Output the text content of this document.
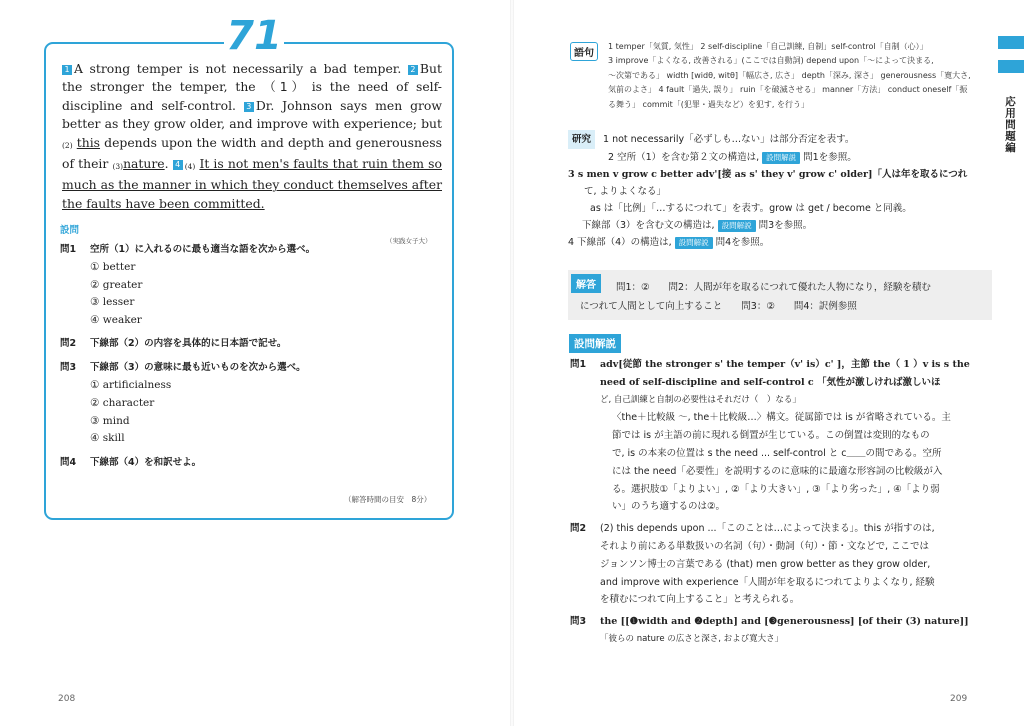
1 A strong temper is not necessarily a bad temper. 2 But the stronger the temper, the （ 1 ） is the need of self-discipline and self-control. 3 Dr. Johnson says men grow better as they grow older, and improve with experience; but (2) this depends upon the width and depth and generousness of their (3)nature. 4 (4) It is not men's faults that ruin them so much as the manner in which they conduct themselves after the faults have been committed.
（実践女子大）
設問
問1 空所（1）に入れるのに最も適当な語を次から選べ。
① better
② greater
③ lesser
④ weaker
問2 下線部（2）の内容を具体的に日本語で記せ。
問3 下線部（3）の意味に最も近いものを次から選べ。
① artificialness
② character
③ mind
④ skill
問4 下線部（4）を和訳せよ。
（解答時間の目安　8分）
71
208
語句
1 temper「気質, 気性」 2 self-discipline「自己訓練, 自制」self-control「自制（心）」
3 improve「よくなる, 改善される」(ここでは自動詞) depend upon「〜によって決まる,
〜次第である」 width [widθ, witθ]「幅広さ, 広さ」 depth「深み, 深さ」 generousness「寛大さ,
気前のよさ」 4 fault「過失, 誤り」 ruin「を破滅させる」 manner「方法」 conduct oneself「振
る舞う」 commit「(犯罪・過失など）を犯す, を行う」
研究 1 not necessarily「必ずしも…ない」は部分否定を表す。
2 空所（1）を含む第２文の構造は, 設問解説 問1を参照。
3 s men v grow c better adv'[接 as s' they v' grow c' older]「人は年を取るにつれ
て, よりよくなる」
as は「比例」「…するにつれて」を表す。grow は get / become と同義。
下線部（3）を含む文の構造は, 設問解説 問3を参照。
4 下線部（4）の構造は, 設問解説 問4を参照。
解答	問1：②　　問2：人間が年を取るにつれて優れた人物になり，経験を積む
につれて人間として向上すること　　問3：②　　問4：訳例参照
設問解説
問1 adv[従節 the stronger s' the temper（v' is）c' ]，主節 the（ 1 ）v is s the
need of self-discipline and self-control c 「気性が激しければ激しいほ
ど, 自己訓練と自制の必要性はそれだけ（　）なる」
〈the＋比較級 〜, the＋比較級…〉構文。従属節では is が省略されている。主
節では is が主語の前に現れる倒置が生じている。この倒置は変則的なもの
で, is の本来の位置は s the need ... self-control と c＿＿の間である。空所
には the need「必要性」を説明するのに意味的に最適な形容詞の比較級が入
る。選択肢①「よりよい」, ②「より大きい」, ③「より劣った」, ④「より弱
い」のうち適するのは②。
問2 (2) this depends upon ...「このことは…によって決まる」。this が指すのは,
それより前にある単数扱いの名詞（句）・動詞（句）・節・文などで, ここでは
ジョンソン博士の言葉である (that) men grow better as they grow older,
and improve with experience「人間が年を取るにつれてよりよくなり, 経験
を積むにつれて向上すること」と考えられる。
問3 the [[❶width and ❷depth] and [❸generousness] [of their (3) nature]]
「彼らの nature の広さと深さ, および寛大さ」
応用問題編
209
